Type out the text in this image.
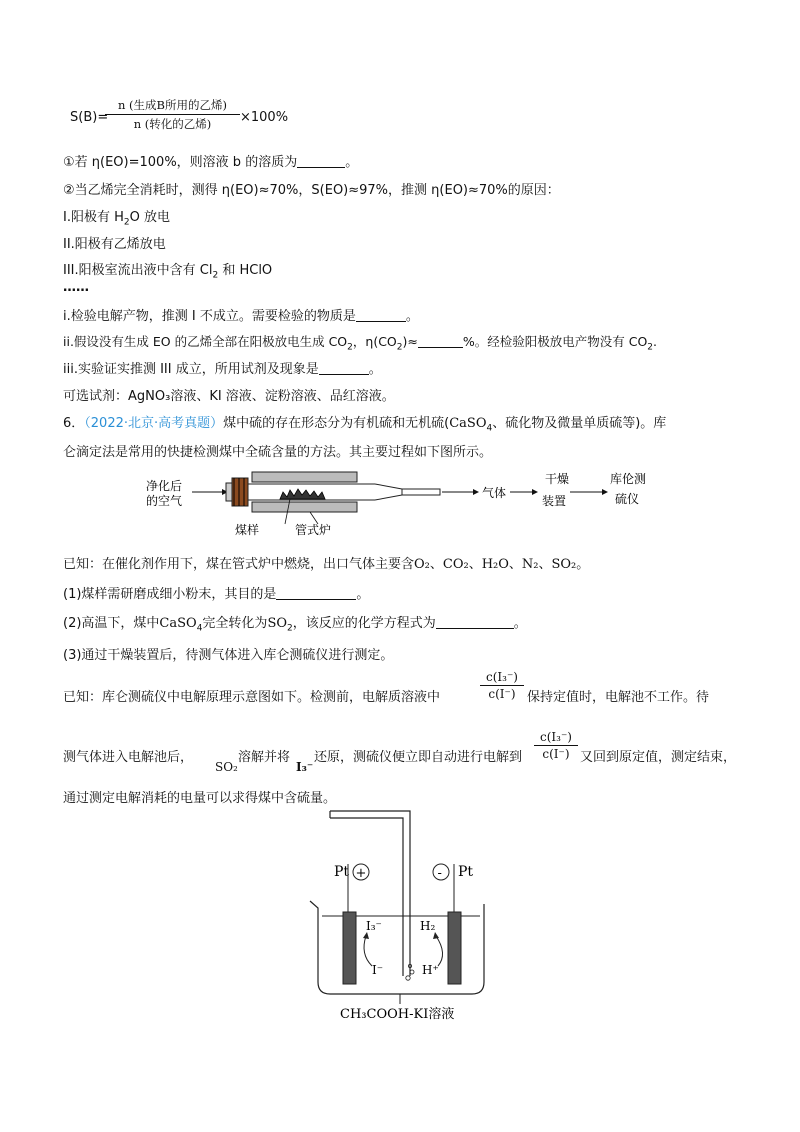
S(B)=
n (生成B所用的乙烯)
n (转化的乙烯)	×100%
①若 η(EO)=100%，则溶液 b 的溶质为	。
②当乙烯完全消耗时，测得 η(EO)≈70%，S(EO)≈97%，推测 η(EO)≈70%的原因：
I.阳极有 $H_2O$ 放电
II.阳极有乙烯放电
III.阳极室流出液中含有 $Cl_2$ 和 HClO
……
i.检验电解产物，推测 I 不成立。需要检验的物质是	。
ii.假设没有生成 EO 的乙烯全部在阳极放电生成 $CO_2$，$\eta(CO_2)\approx$	%。经检验阳极放电产物没有 $CO_2$.
iii.实验证实推测 III 成立，所用试剂及现象是	。
可选试剂：AgNO₃溶液、KI 溶液、淀粉溶液、品红溶液。
6．（2022·北京·高考真题）煤中硫的存在形态分为有机硫和无机硫(CaSO$_4$、硫化物及微量单质硫等)。库
仑滴定法是常用的快捷检测煤中全硫含量的方法。其主要过程如下图所示。
净化后
的空气
煤样	管式炉
气体
干燥
装置
库伦测
硫仪
已知：在催化剂作用下，煤在管式炉中燃烧，出口气体主要含O₂、CO₂、H₂O、N₂、SO₂。
(1)煤样需研磨成细小粉末，其目的是	。
(2)高温下，煤中CaSO$_4$完全转化为$SO_2$，该反应的化学方程式为	。
(3)通过干燥装置后，待测气体进入库仑测硫仪进行测定。
已知：库仑测硫仪中电解原理示意图如下。检测前，电解质溶液中	$\frac{\text{c(I₃⁻)}}{c(I^-)}$ 保持定值时，电解池不工作。待
测气体进入电解池后，
SO₂
溶解并将
I₃⁻
还原，测硫仪便立即自动进行电解到 $\frac{\text{c(I₃⁻)}}{c(I^-)}$ 又回到原定值，测定结束，
通过测定电解消耗的电量可以求得煤中含硫量。
Pt +	- Pt
I₃⁻
I⁻
H₂
H⁺
CH₃COOH-KI溶液
